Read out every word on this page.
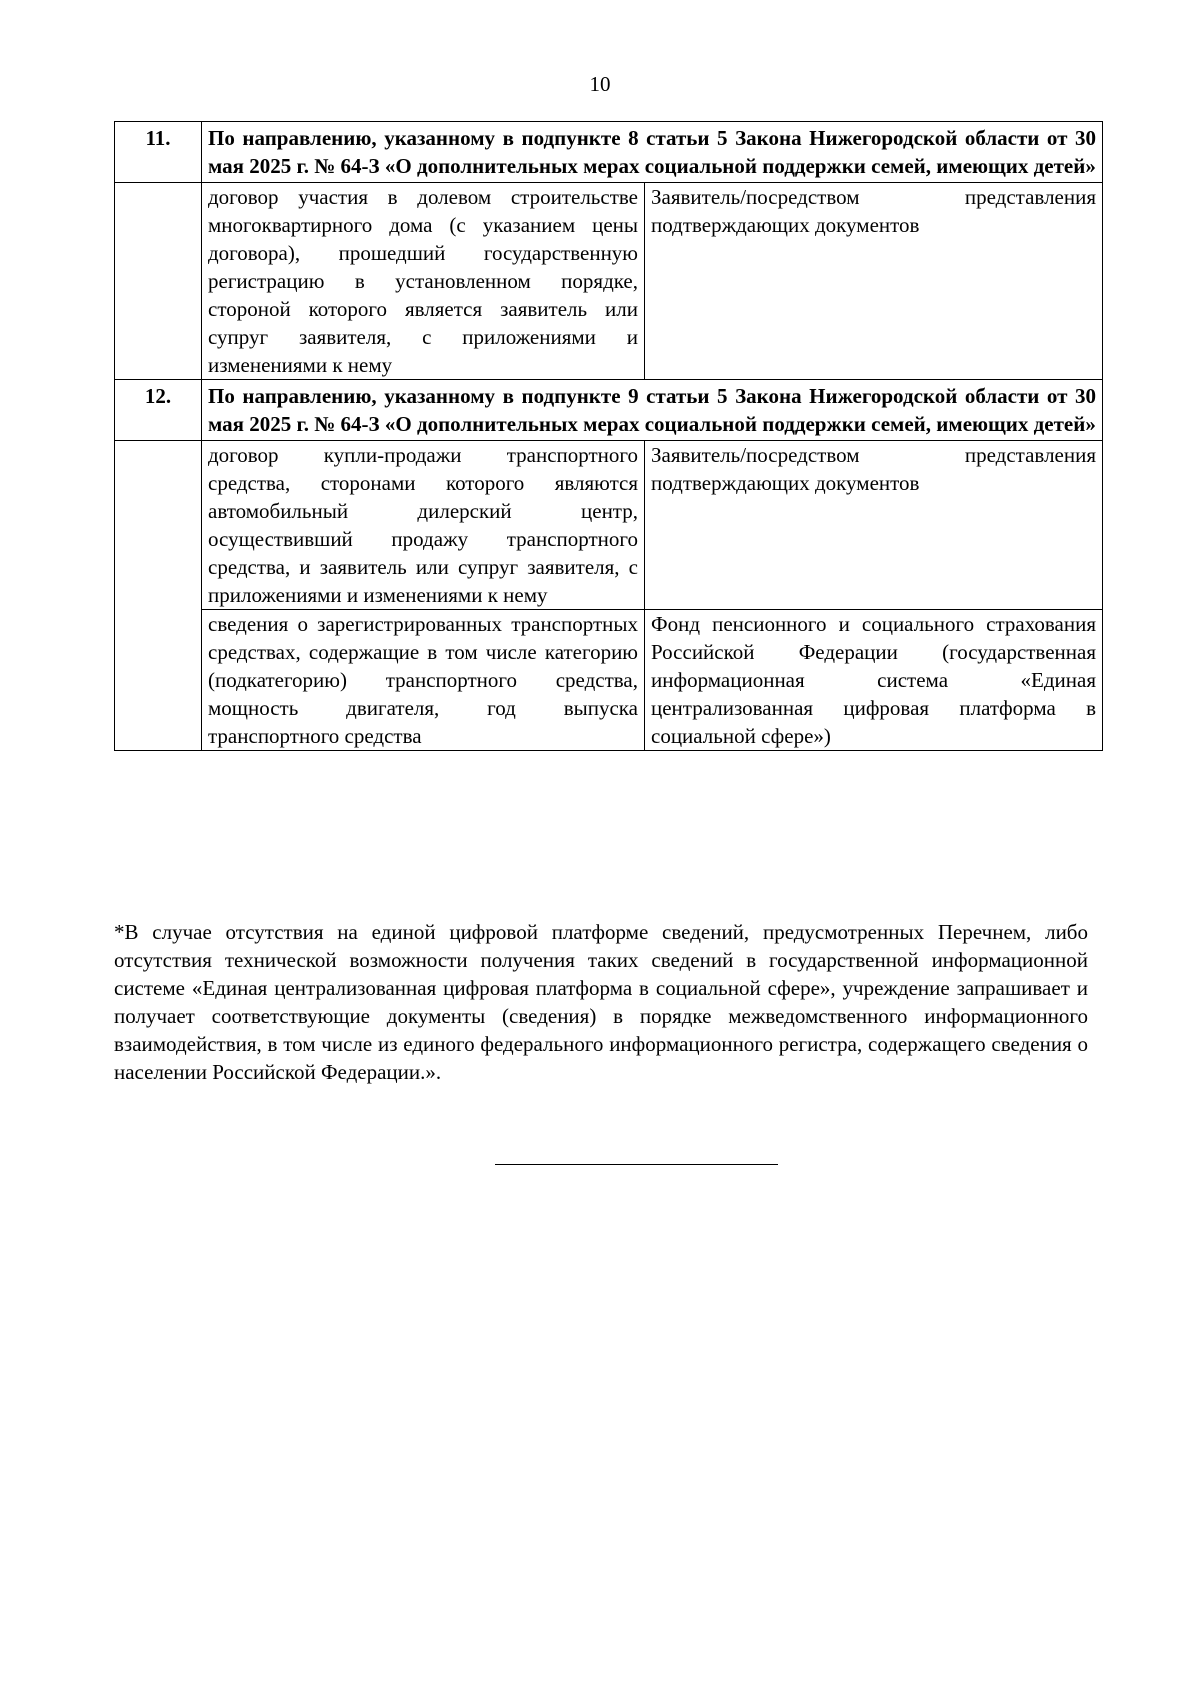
10
11.	По направлению, указанному в подпункте 8 статьи 5 Закона Нижегородской области от 30 мая 2025 г. № 64-З «О дополнительных мерах социальной поддержки семей, имеющих детей»	
	договор участия в долевом строительстве многоквартирного дома (с указанием цены договора), прошедший государственную регистрацию в установленном порядке, стороной которого является заявитель или супруг заявителя, с приложениями и изменениями к нему	Заявитель/посредством представления подтверждающих документов
12.	По направлению, указанному в подпункте 9 статьи 5 Закона Нижегородской области от 30 мая 2025 г. № 64-З «О дополнительных мерах социальной поддержки семей, имеющих детей»	
	договор купли-продажи транспортного средства, сторонами которого являются автомобильный дилерский центр, осуществивший продажу транспортного средства, и заявитель или супруг заявителя, с приложениями и изменениями к нему	Заявитель/посредством представления подтверждающих документов
	сведения о зарегистрированных транспортных средствах, содержащие в том числе категорию (подкатегорию) транспортного средства, мощность двигателя, год выпуска транспортного средства	Фонд пенсионного и социального страхования Российской Федерации (государственная информационная система «Единая централизованная цифровая платформа в социальной сфере»)
*В случае отсутствия на единой цифровой платформе сведений, предусмотренных Перечнем, либо отсутствия технической возможности получения таких сведений в государственной информационной системе «Единая централизованная цифровая платформа в социальной сфере», учреждение запрашивает и получает соответствующие документы (сведения) в порядке межведомственного информационного взаимодействия, в том числе из единого федерального информационного регистра, содержащего сведения о населении Российской Федерации.».
